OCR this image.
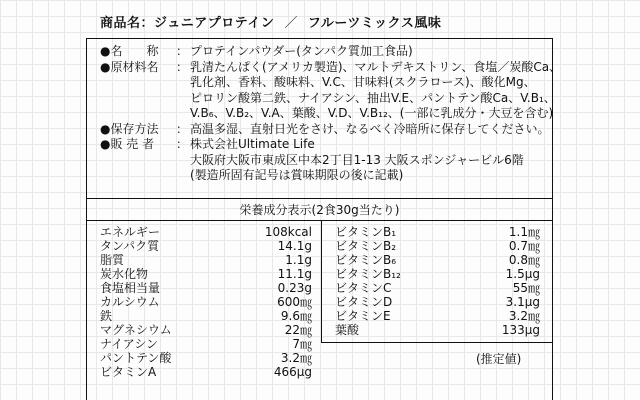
商品名：ジュニアプロテイン ／ フルーツミックス風味
●名　　称	： プロテインパウダー(タンパク質加工食品)
●原材料名	： 乳清たんぱく(アメリカ製造)、マルトデキストリン、食塩／炭酸Ca、
乳化剤、香料、酸味料、V.C、甘味料(スクラロース)、酸化Mg、
ピロリン酸第二鉄、ナイアシン、抽出V.E、パントテン酸Ca、V.B₁、
V.B₆、V.B₂、V.A、葉酸、V.D、V.B₁₂、(一部に乳成分・大豆を含む)
●保存方法	： 高温多湿、直射日光をさけ、なるべく冷暗所に保存してください。
●販 売 者	： 株式会社Ultimate Life
大阪府大阪市東成区中本2丁目1-13 大阪スポンジャービル6階
(製造所固有記号は賞味期限の後に記載)
栄養成分表示(2食30g当たり)
エネルギー	108kcal
タンパク質	14.1g
脂質	1.1g
炭水化物	11.1g
食塩相当量	0.23g
カルシウム	600㎎
鉄	9.6㎎
マグネシウム	22㎎
ナイアシン	7㎎
パントテン酸	3.2㎎
ビタミンA	466μg
ビタミンB₁	1.1㎎
ビタミンB₂	0.7㎎
ビタミンB₆	0.8㎎
ビタミンB₁₂	1.5μg
ビタミンC	55㎎
ビタミンD	3.1μg
ビタミンE	3.2㎎
葉酸	133μg
(推定値)
